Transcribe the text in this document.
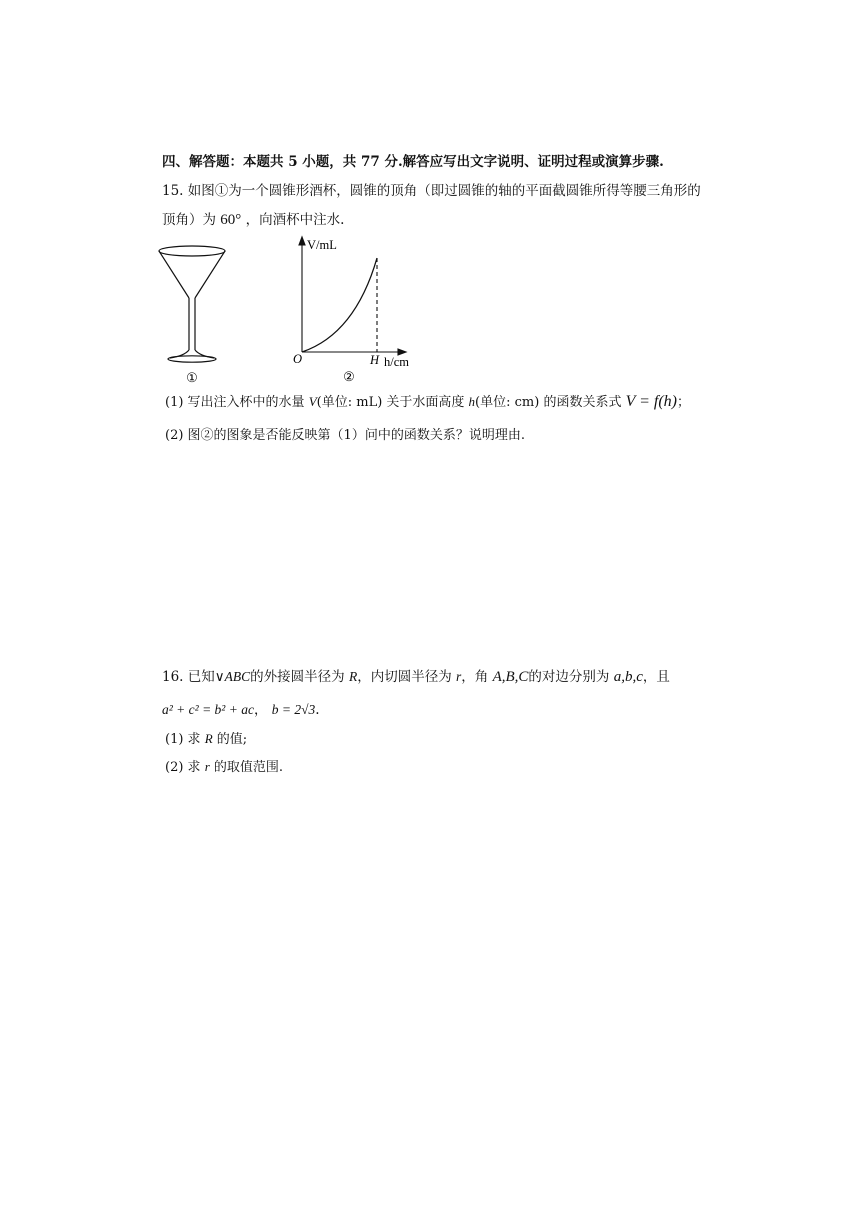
四、解答题：本题共 5 小题，共 77 分.解答应写出文字说明、证明过程或演算步骤.
15. 如图①为一个圆锥形酒杯，圆锥的顶角（即过圆锥的轴的平面截圆锥所得等腰三角形的
顶角）为 60° ，向酒杯中注水.
①
V/mL
O	H h/cm
②
(1) 写出注入杯中的水量 V(单位: mL) 关于水面高度 h(单位: cm) 的函数关系式 V = f(h)；
(2) 图②的图象是否能反映第（1）问中的函数关系？说明理由.
16. 已知∨ABC的外接圆半径为 R，内切圆半径为 r，角 A,B,C的对边分别为 a,b,c，且
a² + c² = b² + ac， b = 2√3.
(1) 求 R 的值;
(2) 求 r 的取值范围.
